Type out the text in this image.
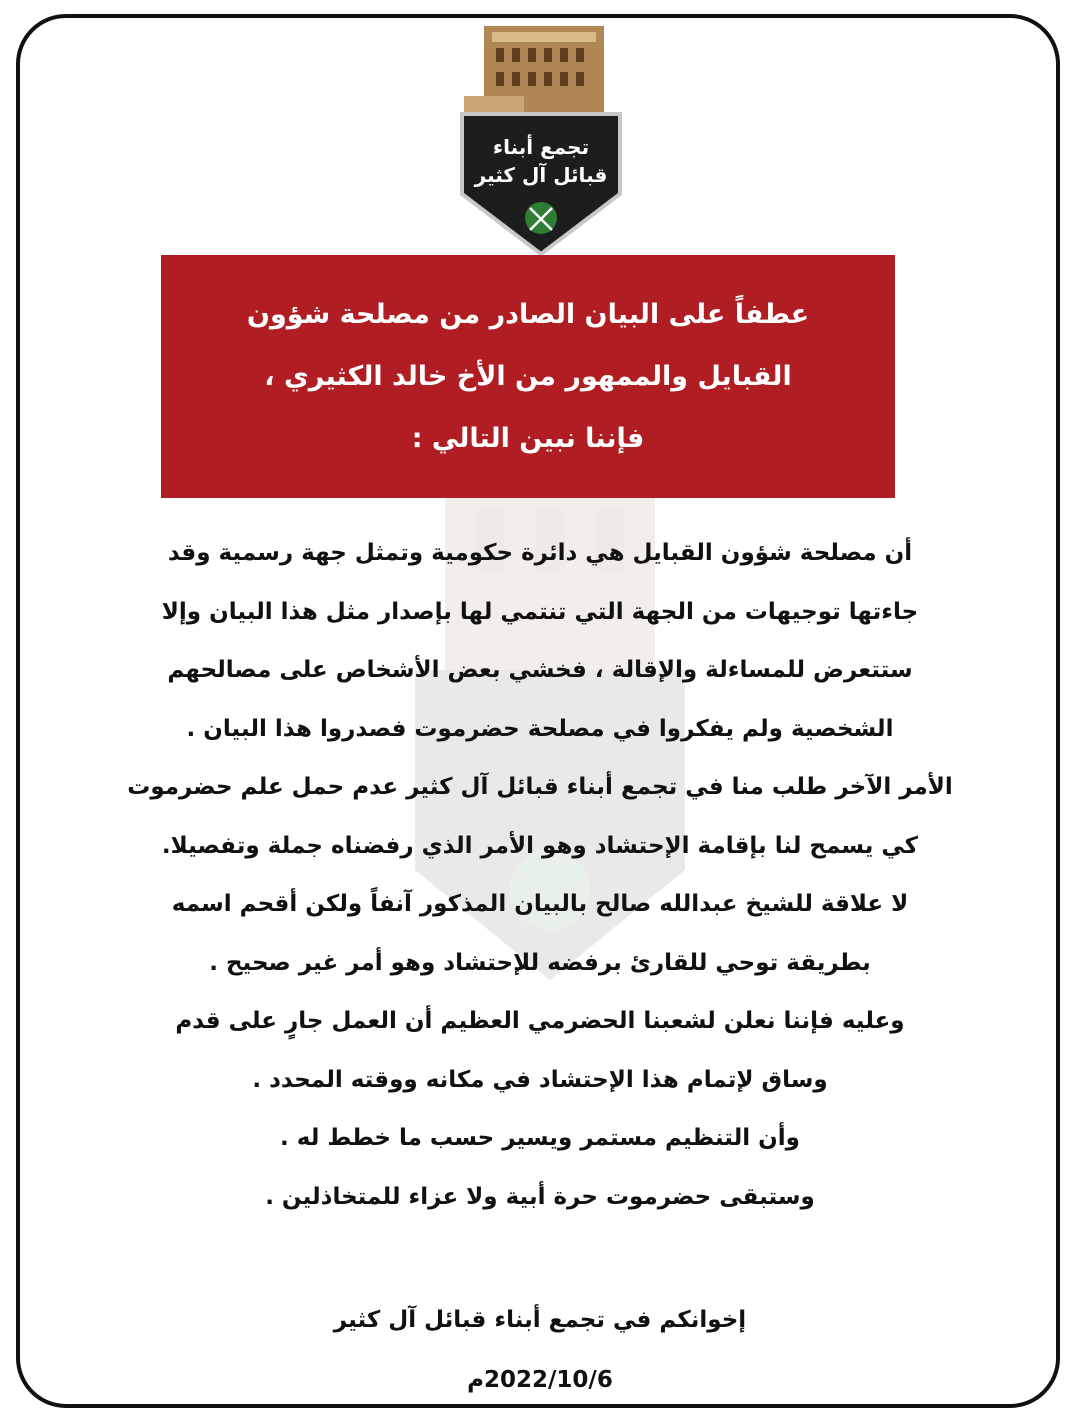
تجمع أبناء
قبائل آل كثير

عطفاً على البيان الصادر من مصلحة شؤون

القبايل والممهور من الأخ خالد الكثيري ،

فإننا نبين التالي :

أن مصلحة شؤون القبايل هي دائرة حكومية وتمثل جهة رسمية وقد

جاءتها توجيهات من الجهة التي تنتمي لها بإصدار مثل هذا البيان وإلا

ستتعرض للمساءلة والإقالة ، فخشي بعض الأشخاص على مصالحهم

الشخصية ولم يفكروا في مصلحة حضرموت فصدروا هذا البيان .

الأمر الآخر طلب منا في تجمع أبناء قبائل آل كثير عدم حمل علم حضرموت

كي يسمح لنا بإقامة الإحتشاد وهو الأمر الذي رفضناه جملة وتفصيلا.

لا علاقة للشيخ عبدالله صالح بالبيان المذكور آنفاً ولكن أقحم اسمه

بطريقة توحي للقارئ برفضه للإحتشاد وهو أمر غير صحيح .

وعليه فإننا نعلن لشعبنا الحضرمي العظيم أن العمل جارٍ على قدم

وساق لإتمام هذا الإحتشاد في مكانه ووقته المحدد .

وأن التنظيم مستمر ويسير حسب ما خطط له .

وستبقى حضرموت حرة أبية ولا عزاء للمتخاذلين .

إخوانكم في تجمع أبناء قبائل آل كثير

2022/10/6م
